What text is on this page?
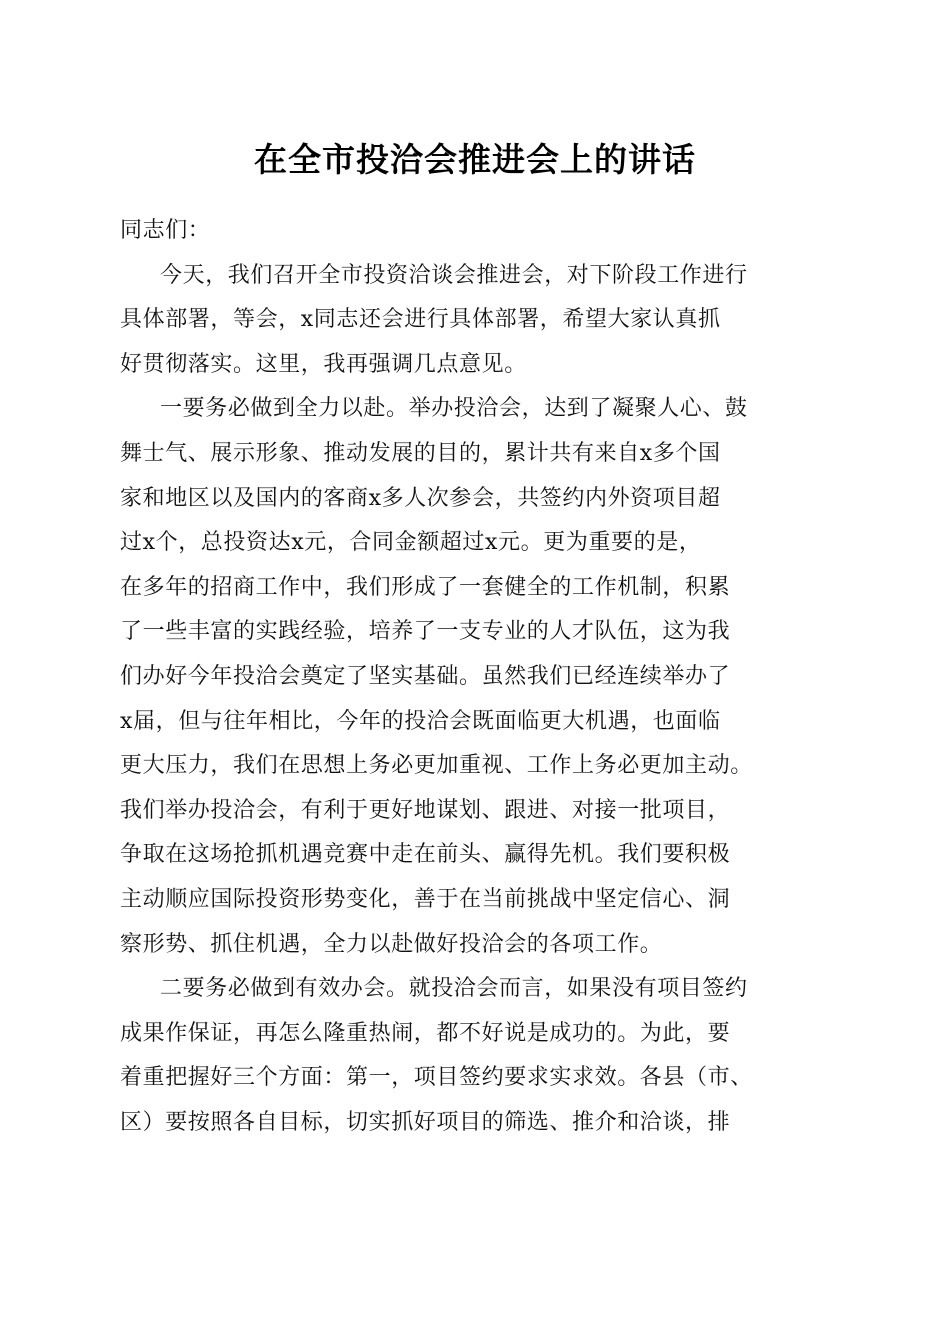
在全市投洽会推进会上的讲话
同志们：
今天，我们召开全市投资洽谈会推进会，对下阶段工作进行
具体部署，等会，x同志还会进行具体部署，希望大家认真抓
好贯彻落实。这里，我再强调几点意见。
一要务必做到全力以赴。举办投洽会，达到了凝聚人心、鼓
舞士气、展示形象、推动发展的目的，累计共有来自x多个国
家和地区以及国内的客商x多人次参会，共签约内外资项目超
过x个，总投资达x元，合同金额超过x元。更为重要的是，
在多年的招商工作中，我们形成了一套健全的工作机制，积累
了一些丰富的实践经验，培养了一支专业的人才队伍，这为我
们办好今年投洽会奠定了坚实基础。虽然我们已经连续举办了
x届，但与往年相比，今年的投洽会既面临更大机遇，也面临
更大压力，我们在思想上务必更加重视、工作上务必更加主动。
我们举办投洽会，有利于更好地谋划、跟进、对接一批项目，
争取在这场抢抓机遇竞赛中走在前头、赢得先机。我们要积极
主动顺应国际投资形势变化，善于在当前挑战中坚定信心、洞
察形势、抓住机遇，全力以赴做好投洽会的各项工作。
二要务必做到有效办会。就投洽会而言，如果没有项目签约
成果作保证，再怎么隆重热闹，都不好说是成功的。为此，要
着重把握好三个方面：第一，项目签约要求实求效。各县（市、
区）要按照各自目标，切实抓好项目的筛选、推介和洽谈，排
